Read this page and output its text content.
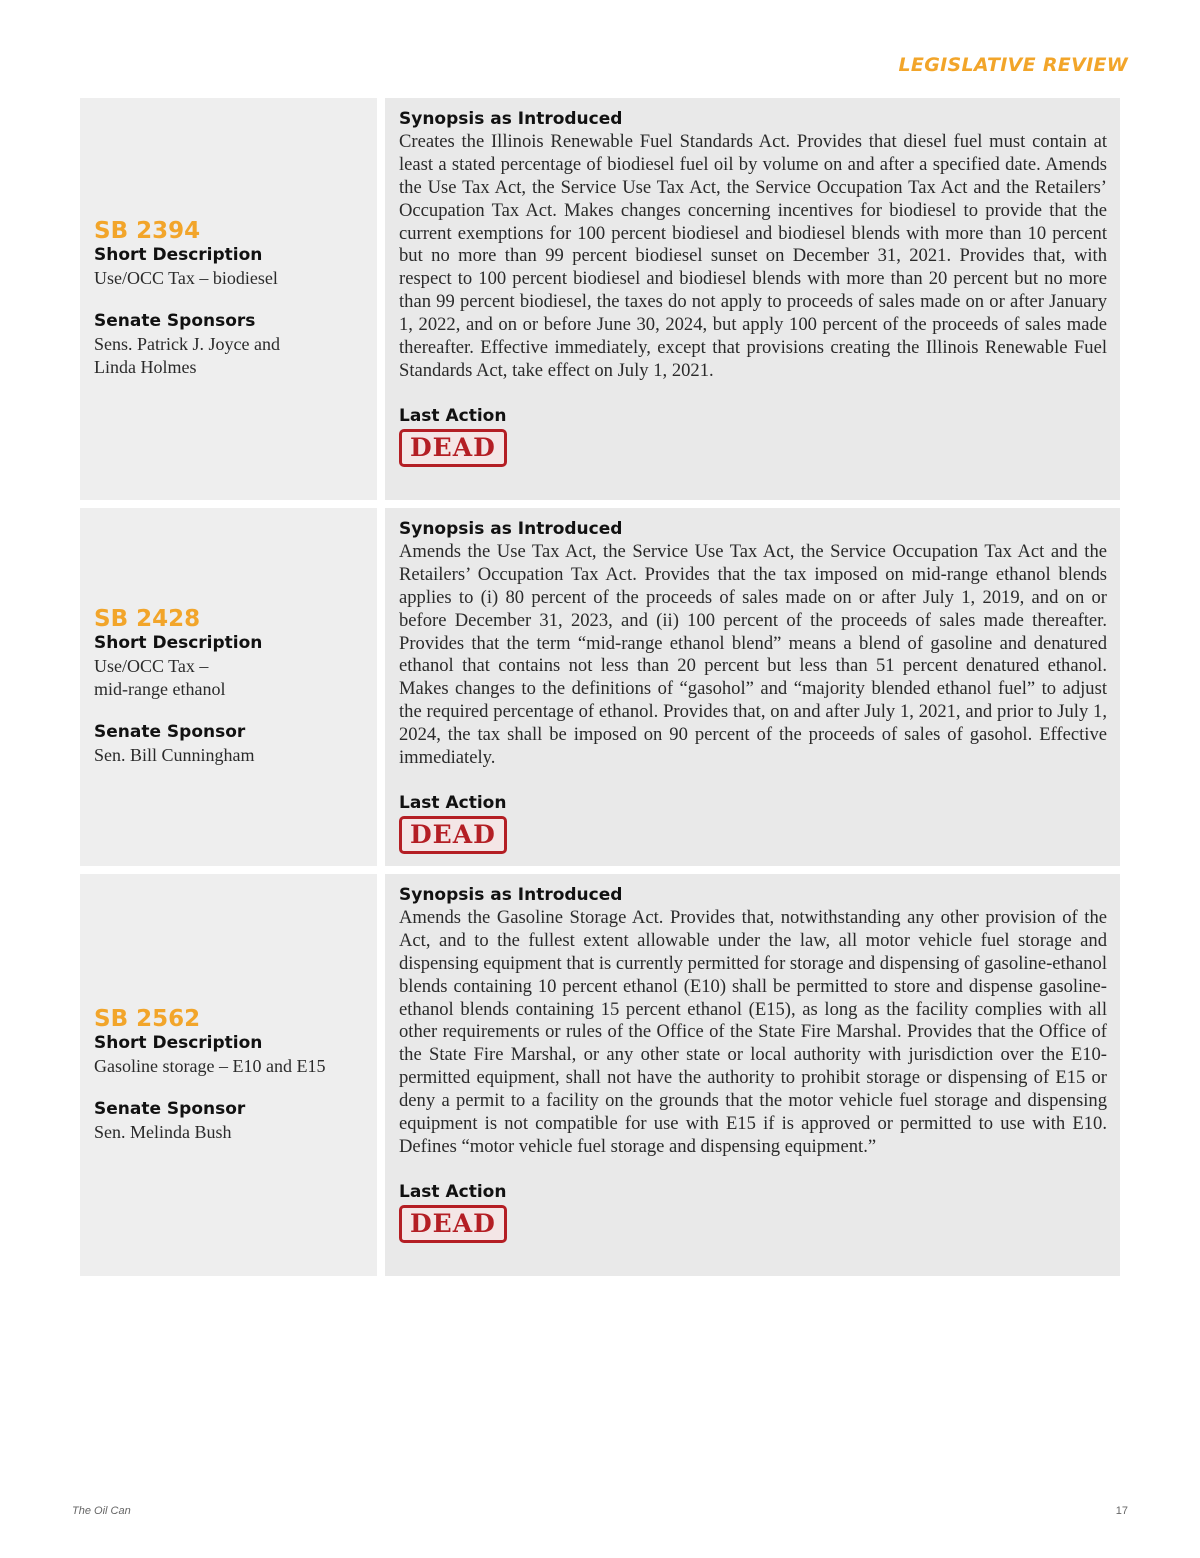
LEGISLATIVE REVIEW
SB 2394
Short Description
Use/OCC Tax – biodiesel
Senate Sponsors
Sens. Patrick J. Joyce and Linda Holmes
Synopsis as Introduced
Creates the Illinois Renewable Fuel Standards Act. Provides that diesel fuel must contain at least a stated percentage of biodiesel fuel oil by volume on and after a specified date. Amends the Use Tax Act, the Service Use Tax Act, the Service Occupation Tax Act and the Retailers’ Occupation Tax Act. Makes changes concerning incentives for biodiesel to provide that the current exemptions for 100 percent biodiesel and biodiesel blends with more than 10 percent but no more than 99 percent biodiesel sunset on December 31, 2021. Provides that, with respect to 100 percent biodiesel and biodiesel blends with more than 20 percent but no more than 99 percent biodiesel, the taxes do not apply to proceeds of sales made on or after January 1, 2022, and on or before June 30, 2024, but apply 100 percent of the proceeds of sales made thereafter. Effective immediately, except that provisions creating the Illinois Renewable Fuel Standards Act, take effect on July 1, 2021.
Last Action
DEAD
SB 2428
Short Description
Use/OCC Tax – mid-range ethanol
Senate Sponsor
Sen. Bill Cunningham
Synopsis as Introduced
Amends the Use Tax Act, the Service Use Tax Act, the Service Occupation Tax Act and the Retailers’ Occupation Tax Act. Provides that the tax imposed on mid-range ethanol blends applies to (i) 80 percent of the proceeds of sales made on or after July 1, 2019, and on or before December 31, 2023, and (ii) 100 percent of the proceeds of sales made thereafter. Provides that the term “mid-range ethanol blend” means a blend of gasoline and denatured ethanol that contains not less than 20 percent but less than 51 percent denatured ethanol. Makes changes to the definitions of “gasohol” and “majority blended ethanol fuel” to adjust the required percentage of ethanol. Provides that, on and after July 1, 2021, and prior to July 1, 2024, the tax shall be imposed on 90 percent of the proceeds of sales of gasohol. Effective immediately.
Last Action
DEAD
SB 2562
Short Description
Gasoline storage – E10 and E15
Senate Sponsor
Sen. Melinda Bush
Synopsis as Introduced
Amends the Gasoline Storage Act. Provides that, notwithstanding any other provision of the Act, and to the fullest extent allowable under the law, all motor vehicle fuel storage and dispensing equipment that is currently permitted for storage and dispensing of gasoline-ethanol blends containing 10 percent ethanol (E10) shall be permitted to store and dispense gasoline-ethanol blends containing 15 percent ethanol (E15), as long as the facility complies with all other requirements or rules of the Office of the State Fire Marshal. Provides that the Office of the State Fire Marshal, or any other state or local authority with jurisdiction over the E10-permitted equipment, shall not have the authority to prohibit storage or dispensing of E15 or deny a permit to a facility on the grounds that the motor vehicle fuel storage and dispensing equipment is not compatible for use with E15 if is approved or permitted to use with E10. Defines “motor vehicle fuel storage and dispensing equipment.”
Last Action
DEAD
The Oil Can	17
